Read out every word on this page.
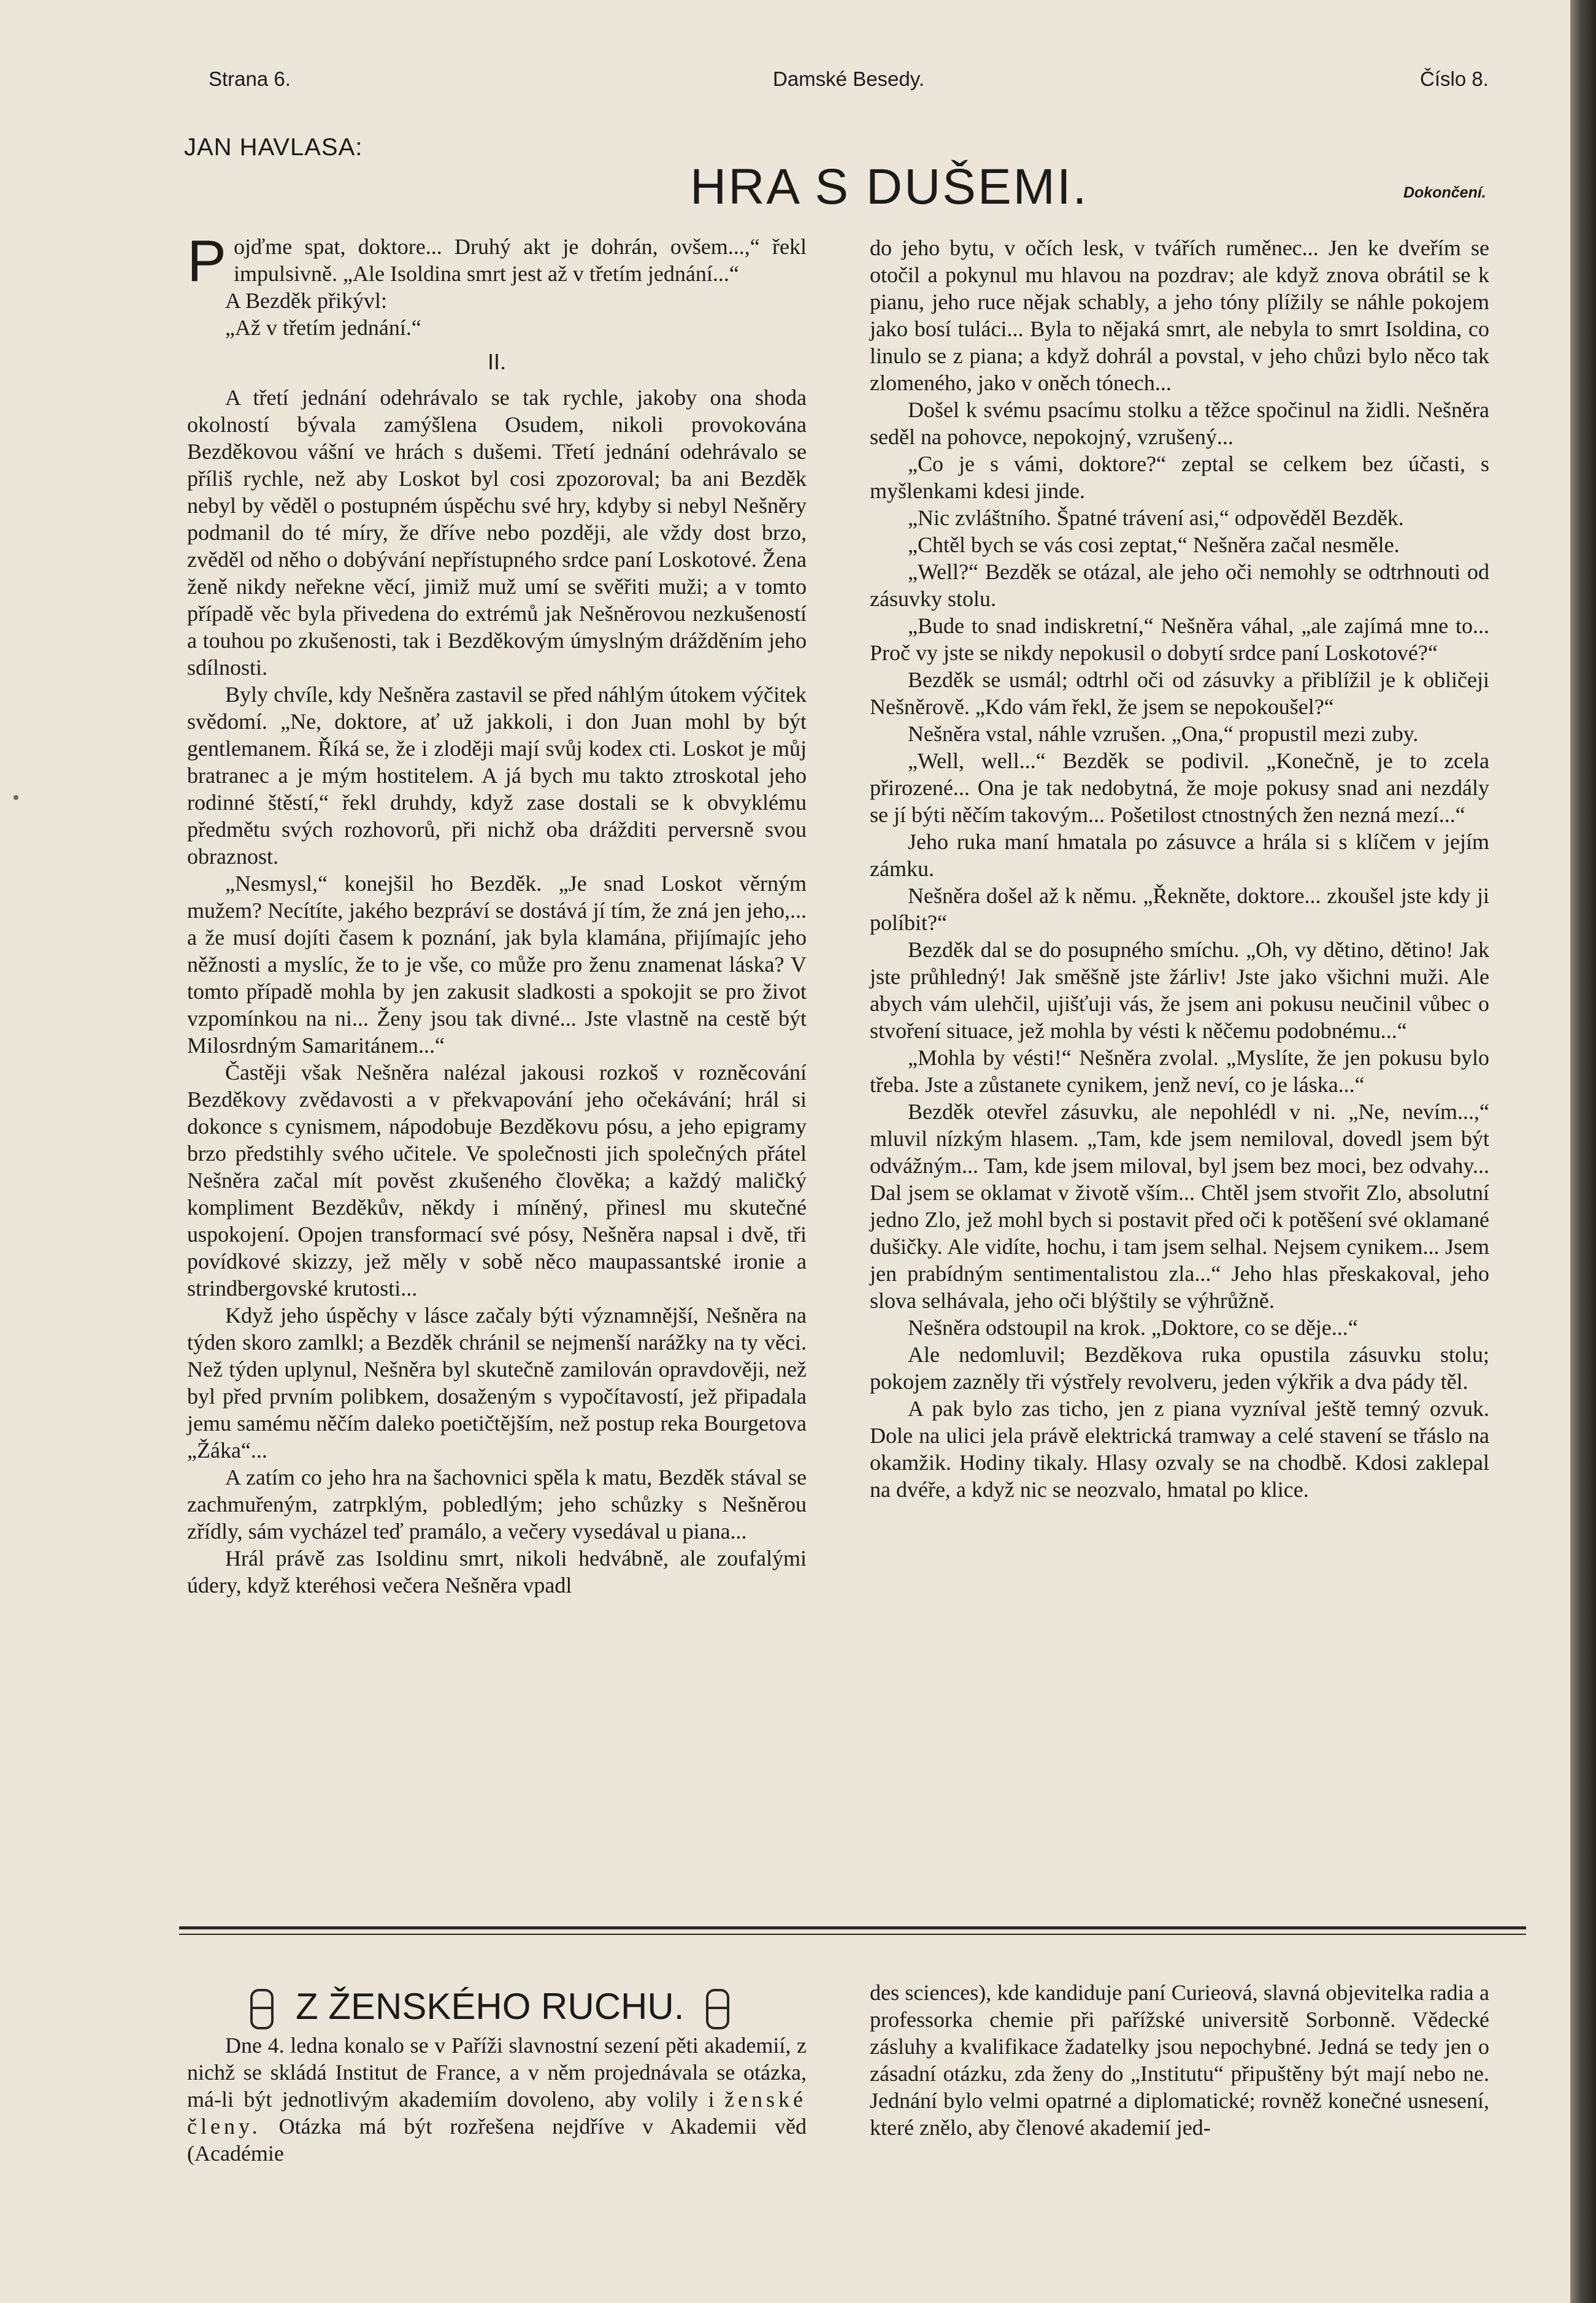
Strana 6.	Damské Besedy.	Číslo 8.
JAN HAVLASA:
HRA S DUŠEMI.	Dokončení.

Pojďme spat, doktore... Druhý akt je dohrán, ovšem...,“ řekl impulsivně. „Ale Isoldina smrt jest až v třetím jednání...“

A Bezděk přikývl:

„Až v třetím jednání.“

II.

A třetí jednání odehrávalo se tak rychle, jakoby ona shoda okolností bývala zamýšlena Osudem, nikoli provokována Bezděkovou vášní ve hrách s dušemi. Třetí jednání odehrávalo se příliš rychle, než aby Loskot byl cosi zpozoroval; ba ani Bezděk nebyl by věděl o postupném úspěchu své hry, kdyby si nebyl Nešněry podmanil do té míry, že dříve nebo později, ale vždy dost brzo, zvěděl od něho o dobývání nepřístupného srdce paní Loskotové. Žena ženě nikdy neřekne věcí, jimiž muž umí se svěřiti muži; a v tomto případě věc byla přivedena do extrémů jak Nešněrovou nezkušeností a touhou po zkušenosti, tak i Bezděkovým úmyslným drážděním jeho sdílnosti.

Byly chvíle, kdy Nešněra zastavil se před náhlým útokem výčitek svědomí. „Ne, doktore, ať už jakkoli, i don Juan mohl by být gentlemanem. Říká se, že i zloději mají svůj kodex cti. Loskot je můj bratranec a je mým hostitelem. A já bych mu takto ztroskotal jeho rodinné štěstí,“ řekl druhdy, když zase dostali se k obvyklému předmětu svých rozhovorů, při nichž oba drážditi perversně svou obraznost.

„Nesmysl,“ konejšil ho Bezděk. „Je snad Loskot věrným mužem? Necítíte, jakého bezpráví se dostává jí tím, že zná jen jeho,... a že musí dojíti časem k poznání, jak byla klamána, přijímajíc jeho něžnosti a myslíc, že to je vše, co může pro ženu znamenat láska? V tomto případě mohla by jen zakusit sladkosti a spokojit se pro život vzpomínkou na ni... Ženy jsou tak divné... Jste vlastně na cestě být Milosrdným Samaritánem...“

Častěji však Nešněra nalézal jakousi rozkoš v rozněcování Bezděkovy zvědavosti a v překvapování jeho očekávání; hrál si dokonce s cynismem, nápodobuje Bezděkovu pósu, a jeho epigramy brzo předstihly svého učitele. Ve společnosti jich společných přátel Nešněra začal mít pověst zkušeného člověka; a každý maličký kompliment Bezděkův, někdy i míněný, přinesl mu skutečné uspokojení. Opojen transformací své pósy, Nešněra napsal i dvě, tři povídkové skizzy, jež měly v sobě něco maupassantské ironie a strindbergovské krutosti...

Když jeho úspěchy v lásce začaly býti významnější, Nešněra na týden skoro zamlkl; a Bezděk chránil se nejmenší narážky na ty věci. Než týden uplynul, Nešněra byl skutečně zamilován opravdověji, než byl před prvním polibkem, dosaženým s vypočítavostí, jež připadala jemu samému něčím daleko poetičtějším, než postup reka Bourgetova „Žáka“...

A zatím co jeho hra na šachovnici spěla k matu, Bezděk stával se zachmuřeným, zatrpklým, pobledlým; jeho schůzky s Nešněrou zřídly, sám vycházel teď pramálo, a večery vysedával u piana...

Hrál právě zas Isoldinu smrt, nikoli hedvábně, ale zoufalými údery, když kteréhosi večera Nešněra vpadl

do jeho bytu, v očích lesk, v tvářích ruměnec... Jen ke dveřím se otočil a pokynul mu hlavou na pozdrav; ale když znova obrátil se k pianu, jeho ruce nějak schably, a jeho tóny plížily se náhle pokojem jako bosí tuláci... Byla to nějaká smrt, ale nebyla to smrt Isoldina, co linulo se z piana; a když dohrál a povstal, v jeho chůzi bylo něco tak zlomeného, jako v oněch tónech...

Došel k svému psacímu stolku a těžce spočinul na židli. Nešněra seděl na pohovce, nepokojný, vzrušený...

„Co je s vámi, doktore?“ zeptal se celkem bez účasti, s myšlenkami kdesi jinde.

„Nic zvláštního. Špatné trávení asi,“ odpověděl Bezděk.

„Chtěl bych se vás cosi zeptat,“ Nešněra začal nesměle.

„Well?“ Bezděk se otázal, ale jeho oči nemohly se odtrhnouti od zásuvky stolu.

„Bude to snad indiskretní,“ Nešněra váhal, „ale zajímá mne to... Proč vy jste se nikdy nepokusil o dobytí srdce paní Loskotové?“

Bezděk se usmál; odtrhl oči od zásuvky a přiblížil je k obličeji Nešněrově. „Kdo vám řekl, že jsem se nepokoušel?“

Nešněra vstal, náhle vzrušen. „Ona,“ propustil mezi zuby.

„Well, well...“ Bezděk se podivil. „Konečně, je to zcela přirozené... Ona je tak nedobytná, že moje pokusy snad ani nezdály se jí býti něčím takovým... Pošetilost ctnostných žen nezná mezí...“

Jeho ruka maní hmatala po zásuvce a hrála si s klíčem v jejím zámku.

Nešněra došel až k němu. „Řekněte, doktore... zkoušel jste kdy ji políbit?“

Bezděk dal se do posupného smíchu. „Oh, vy dětino, dětino! Jak jste průhledný! Jak směšně jste žárliv! Jste jako všichni muži. Ale abych vám ulehčil, ujišťuji vás, že jsem ani pokusu neučinil vůbec o stvoření situace, jež mohla by vésti k něčemu podobnému...“

„Mohla by vésti!“ Nešněra zvolal. „Myslíte, že jen pokusu bylo třeba. Jste a zůstanete cynikem, jenž neví, co je láska...“

Bezděk otevřel zásuvku, ale nepohlédl v ni. „Ne, nevím...,“ mluvil nízkým hlasem. „Tam, kde jsem nemiloval, dovedl jsem být odvážným... Tam, kde jsem miloval, byl jsem bez moci, bez odvahy... Dal jsem se oklamat v životě vším... Chtěl jsem stvořit Zlo, absolutní jedno Zlo, jež mohl bych si postavit před oči k potěšení své oklamané dušičky. Ale vidíte, hochu, i tam jsem selhal. Nejsem cynikem... Jsem jen prabídným sentimentalistou zla...“ Jeho hlas přeskakoval, jeho slova selhávala, jeho oči blýštily se výhrůžně.

Nešněra odstoupil na krok. „Doktore, co se děje...“

Ale nedomluvil; Bezděkova ruka opustila zásuvku stolu; pokojem zazněly tři výstřely revolveru, jeden výkřik a dva pády těl.

A pak bylo zas ticho, jen z piana vyzníval ještě temný ozvuk. Dole na ulici jela právě elektrická tramway a celé stavení se třáslo na okamžik. Hodiny tikaly. Hlasy ozvaly se na chodbě. Kdosi zaklepal na dvéře, a když nic se neozvalo, hmatal po klice.

Z ŽENSKÉHO RUCHU.

Dne 4. ledna konalo se v Paříži slavnostní sezení pěti akademií, z nichž se skládá Institut de France, a v něm projednávala se otázka, má-li být jednotlivým akademiím dovoleno, aby volily i ženské členy. Otázka má být rozřešena nejdříve v Akademii věd (Académie

des sciences), kde kandiduje paní Curieová, slavná objevitelka radia a professorka chemie při pařížské universitě Sorbonně. Vědecké zásluhy a kvalifikace žadatelky jsou nepochybné. Jedná se tedy jen o zásadní otázku, zda ženy do „Institutu“ připuštěny být mají nebo ne. Jednání bylo velmi opatrné a diplomatické; rovněž konečné usnesení, které znělo, aby členové akademií jed-
